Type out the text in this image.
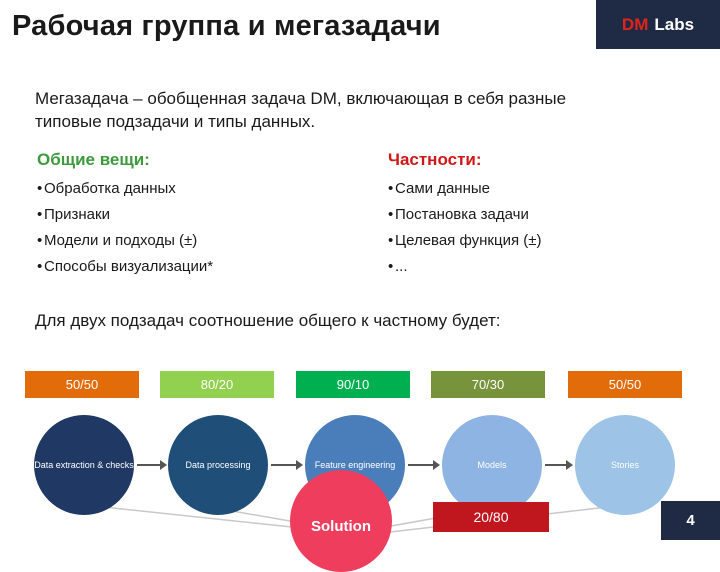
Рабочая группа и мегазадачи	DM Labs
Мегазадача – обобщенная задача DM, включающая в себя разные типовые подзадачи и типы данных.
Общие вещи:
• Обработка данных
• Признаки
• Модели и подходы (±)
• Способы визуализации*
Частности:
• Сами данные
• Постановка задачи
• Целевая функция (±)
• ...
Для двух подзадач соотношение общего к частному будет:
50/50	80/20	90/10	70/30	50/50
Data extraction & checks	Data processing	Feature engineering	Models	Stories
Solution
20/80	4
